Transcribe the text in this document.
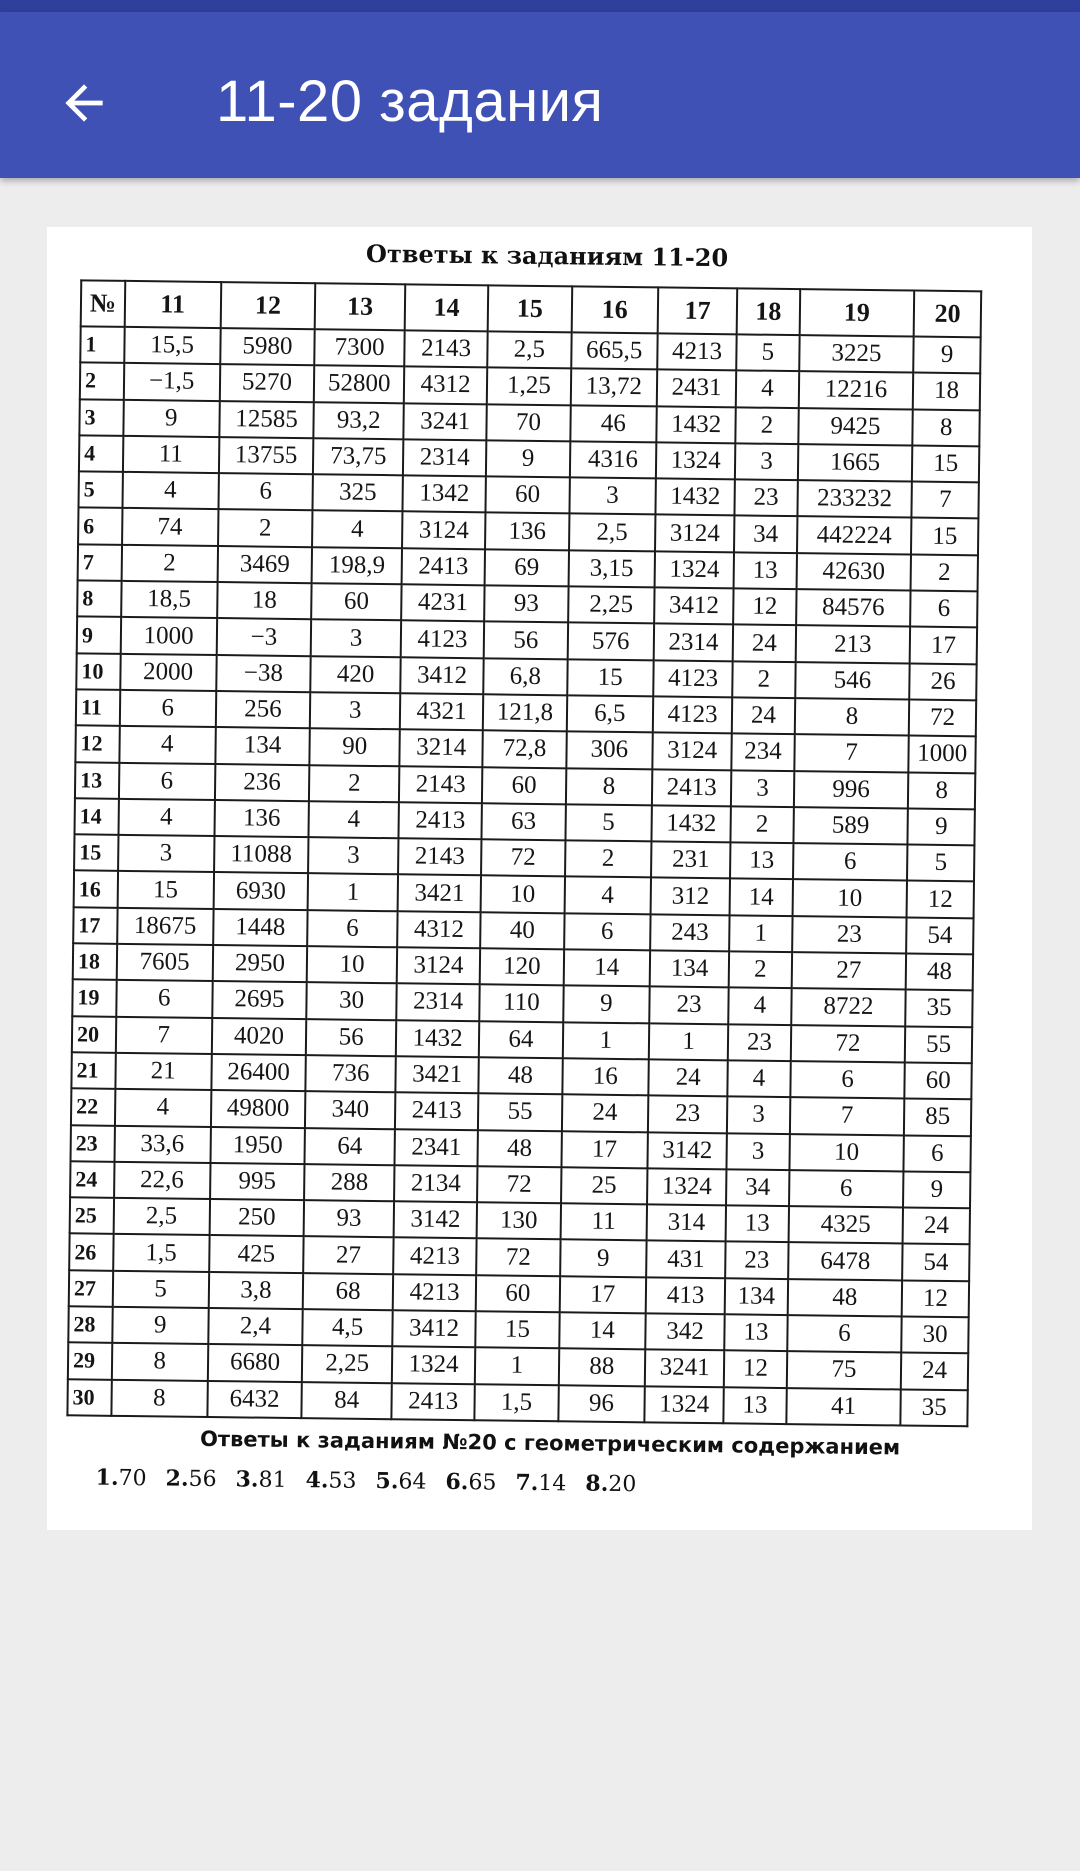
11-20 задания
Ответы к заданиям 11-20
№	11	12	13	14	15	16	17	18	19	20
1	15,5	5980	7300	2143	2,5	665,5	4213	5	3225	9
2	−1,5	5270	52800	4312	1,25	13,72	2431	4	12216	18
3	9	12585	93,2	3241	70	46	1432	2	9425	8
4	11	13755	73,75	2314	9	4316	1324	3	1665	15
5	4	6	325	1342	60	3	1432	23	233232	7
6	74	2	4	3124	136	2,5	3124	34	442224	15
7	2	3469	198,9	2413	69	3,15	1324	13	42630	2
8	18,5	18	60	4231	93	2,25	3412	12	84576	6
9	1000	−3	3	4123	56	576	2314	24	213	17
10	2000	−38	420	3412	6,8	15	4123	2	546	26
11	6	256	3	4321	121,8	6,5	4123	24	8	72
12	4	134	90	3214	72,8	306	3124	234	7	1000
13	6	236	2	2143	60	8	2413	3	996	8
14	4	136	4	2413	63	5	1432	2	589	9
15	3	11088	3	2143	72	2	231	13	6	5
16	15	6930	1	3421	10	4	312	14	10	12
17	18675	1448	6	4312	40	6	243	1	23	54
18	7605	2950	10	3124	120	14	134	2	27	48
19	6	2695	30	2314	110	9	23	4	8722	35
20	7	4020	56	1432	64	1	1	23	72	55
21	21	26400	736	3421	48	16	24	4	6	60
22	4	49800	340	2413	55	24	23	3	7	85
23	33,6	1950	64	2341	48	17	3142	3	10	6
24	22,6	995	288	2134	72	25	1324	34	6	9
25	2,5	250	93	3142	130	11	314	13	4325	24
26	1,5	425	27	4213	72	9	431	23	6478	54
27	5	3,8	68	4213	60	17	413	134	48	12
28	9	2,4	4,5	3412	15	14	342	13	6	30
29	8	6680	2,25	1324	1	88	3241	12	75	24
30	8	6432	84	2413	1,5	96	1324	13	41	35
Ответы к заданиям №20 с геометрическим содержанием
1.70 2.56 3.81 4.53 5.64 6.65 7.14 8.20
